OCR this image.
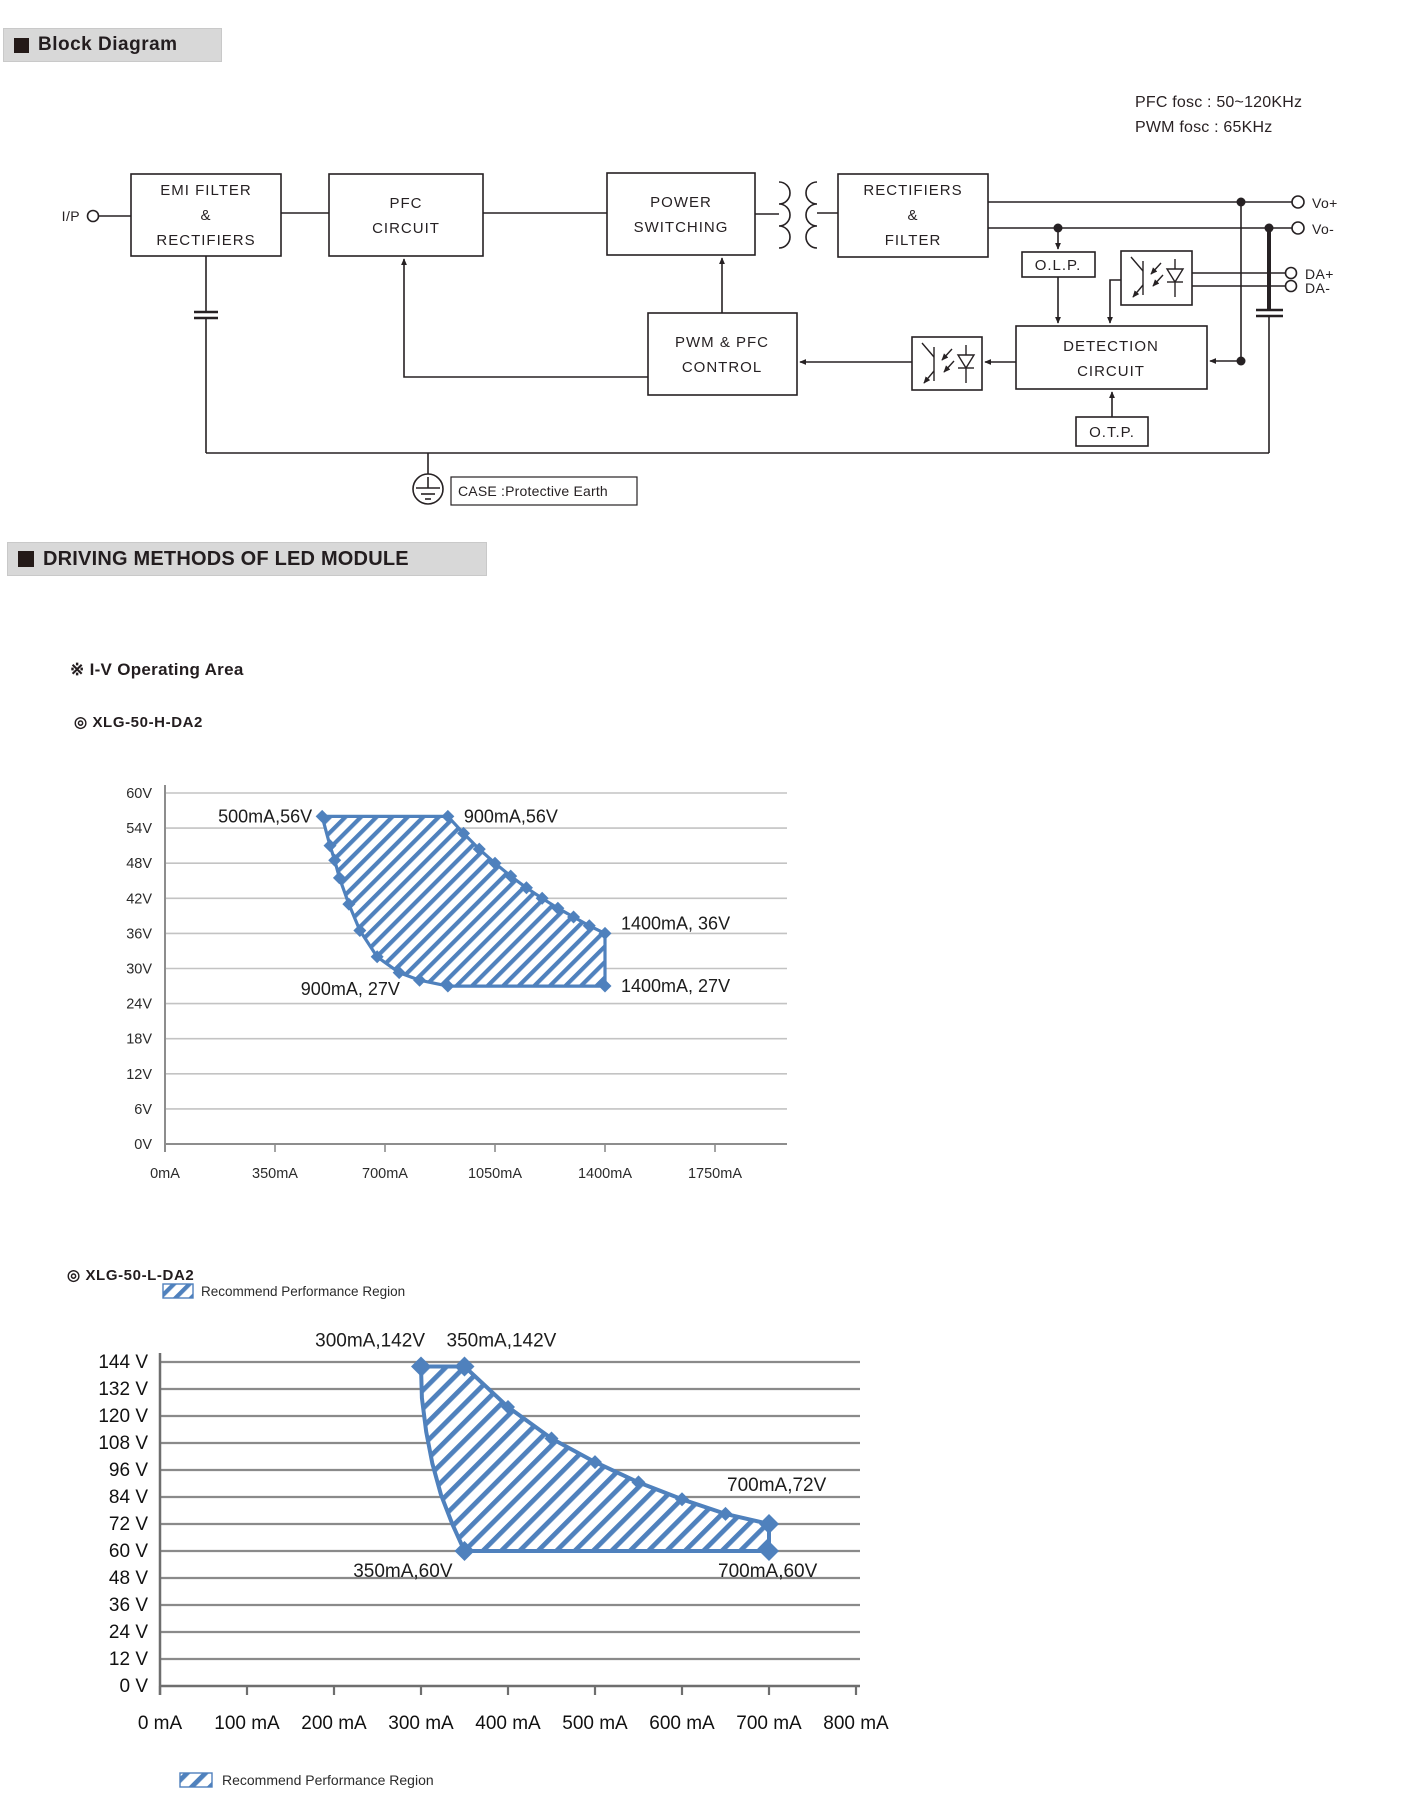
Block Diagram
PFC fosc : 50~120KHz
PWM fosc : 65KHz
I/P
EMI FILTER
&
RECTIFIERS
PFC
CIRCUIT
POWER
SWITCHING
RECTIFIERS
&
FILTER
PWM & PFC
CONTROL
DETECTION
CIRCUIT
O.L.P.
O.T.P.
Vo+
Vo-
DA+
DA-
CASE :Protective Earth
DRIVING METHODS OF LED MODULE
※ I-V Operating Area
◎ XLG-50-H-DA2
0V
6V
12V
18V
24V
30V
36V
42V
48V
54V
60V
0mA	350mA	700mA	1050mA	1400mA	1750mA
500mA,56V	900mA,56V
1400mA, 36V
1400mA, 27V
900mA, 27V
Recommend Performance Region
◎ XLG-50-L-DA2
0 V
12 V
24 V
36 V
48 V
60 V
72 V
84 V
96 V
108 V
120 V
132 V
144 V
0 mA 100 mA 200 mA 300 mA 400 mA 500 mA 600 mA 700 mA 800 mA
300mA,142V 350mA,142V
700mA,72V
700mA,60V
350mA,60V
Recommend Performance Region
